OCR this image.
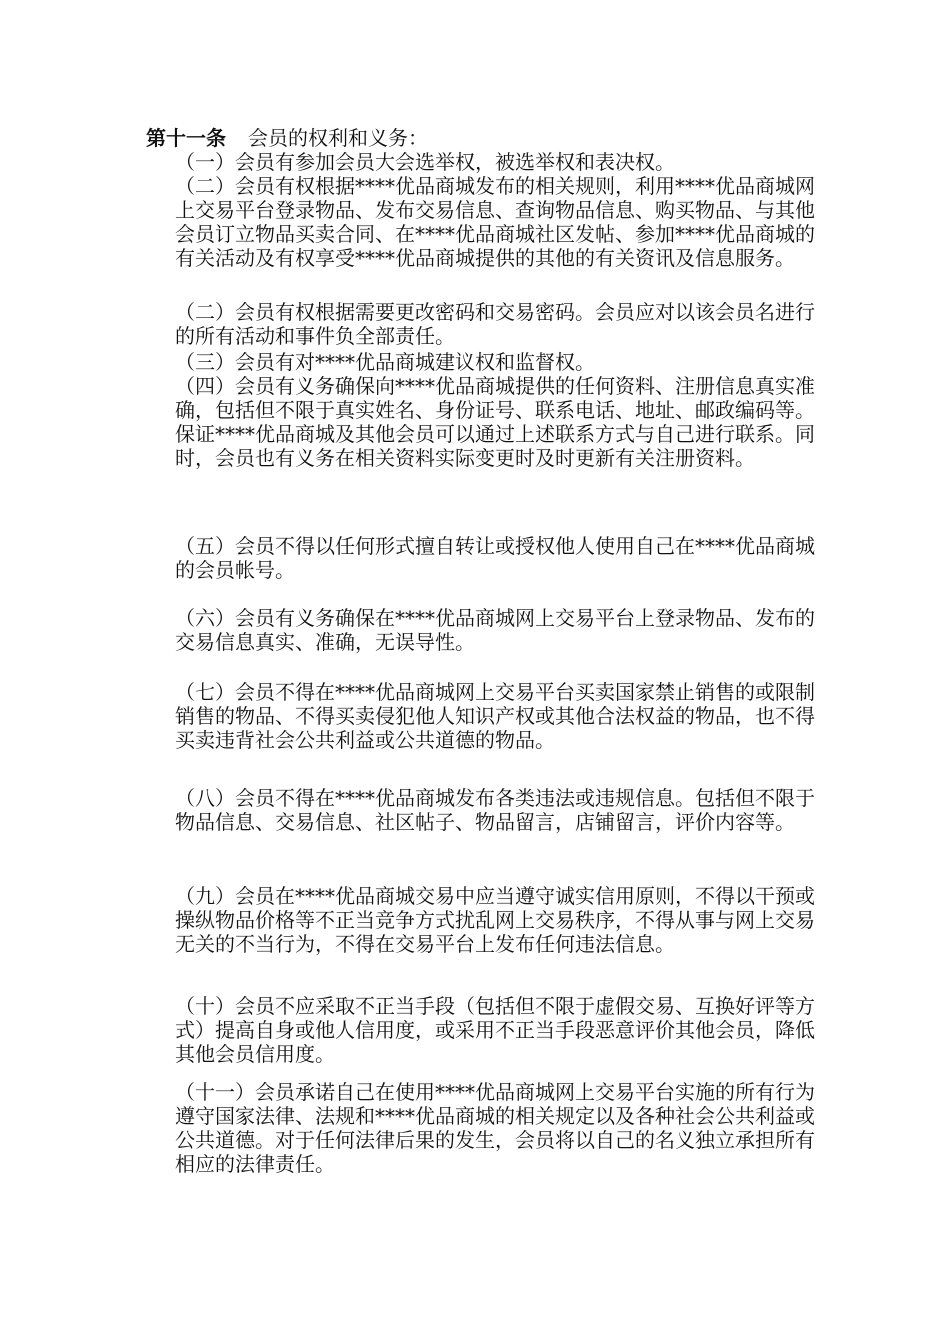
第十一条 会员的权利和义务：

（一）会员有参加会员大会选举权，被选举权和表决权。

（二）会员有权根据****优品商城发布的相关规则，利用****优品商城网上交易平台登录物品、发布交易信息、查询物品信息、购买物品、与其他会员订立物品买卖合同、在****优品商城社区发帖、参加****优品商城的有关活动及有权享受****优品商城提供的其他的有关资讯及信息服务。

（二）会员有权根据需要更改密码和交易密码。会员应对以该会员名进行的所有活动和事件负全部责任。

（三）会员有对****优品商城建议权和监督权。

（四）会员有义务确保向****优品商城提供的任何资料、注册信息真实准确，包括但不限于真实姓名、身份证号、联系电话、地址、邮政编码等。保证****优品商城及其他会员可以通过上述联系方式与自己进行联系。同时，会员也有义务在相关资料实际变更时及时更新有关注册资料。

（五）会员不得以任何形式擅自转让或授权他人使用自己在****优品商城的会员帐号。

（六）会员有义务确保在****优品商城网上交易平台上登录物品、发布的交易信息真实、准确，无误导性。

（七）会员不得在****优品商城网上交易平台买卖国家禁止销售的或限制销售的物品、不得买卖侵犯他人知识产权或其他合法权益的物品，也不得买卖违背社会公共利益或公共道德的物品。

（八）会员不得在****优品商城发布各类违法或违规信息。包括但不限于物品信息、交易信息、社区帖子、物品留言，店铺留言，评价内容等。

（九）会员在****优品商城交易中应当遵守诚实信用原则，不得以干预或操纵物品价格等不正当竞争方式扰乱网上交易秩序，不得从事与网上交易无关的不当行为，不得在交易平台上发布任何违法信息。

（十）会员不应采取不正当手段（包括但不限于虚假交易、互换好评等方式）提高自身或他人信用度，或采用不正当手段恶意评价其他会员，降低其他会员信用度。

（十一）会员承诺自己在使用****优品商城网上交易平台实施的所有行为遵守国家法律、法规和****优品商城的相关规定以及各种社会公共利益或公共道德。对于任何法律后果的发生，会员将以自己的名义独立承担所有相应的法律责任。
